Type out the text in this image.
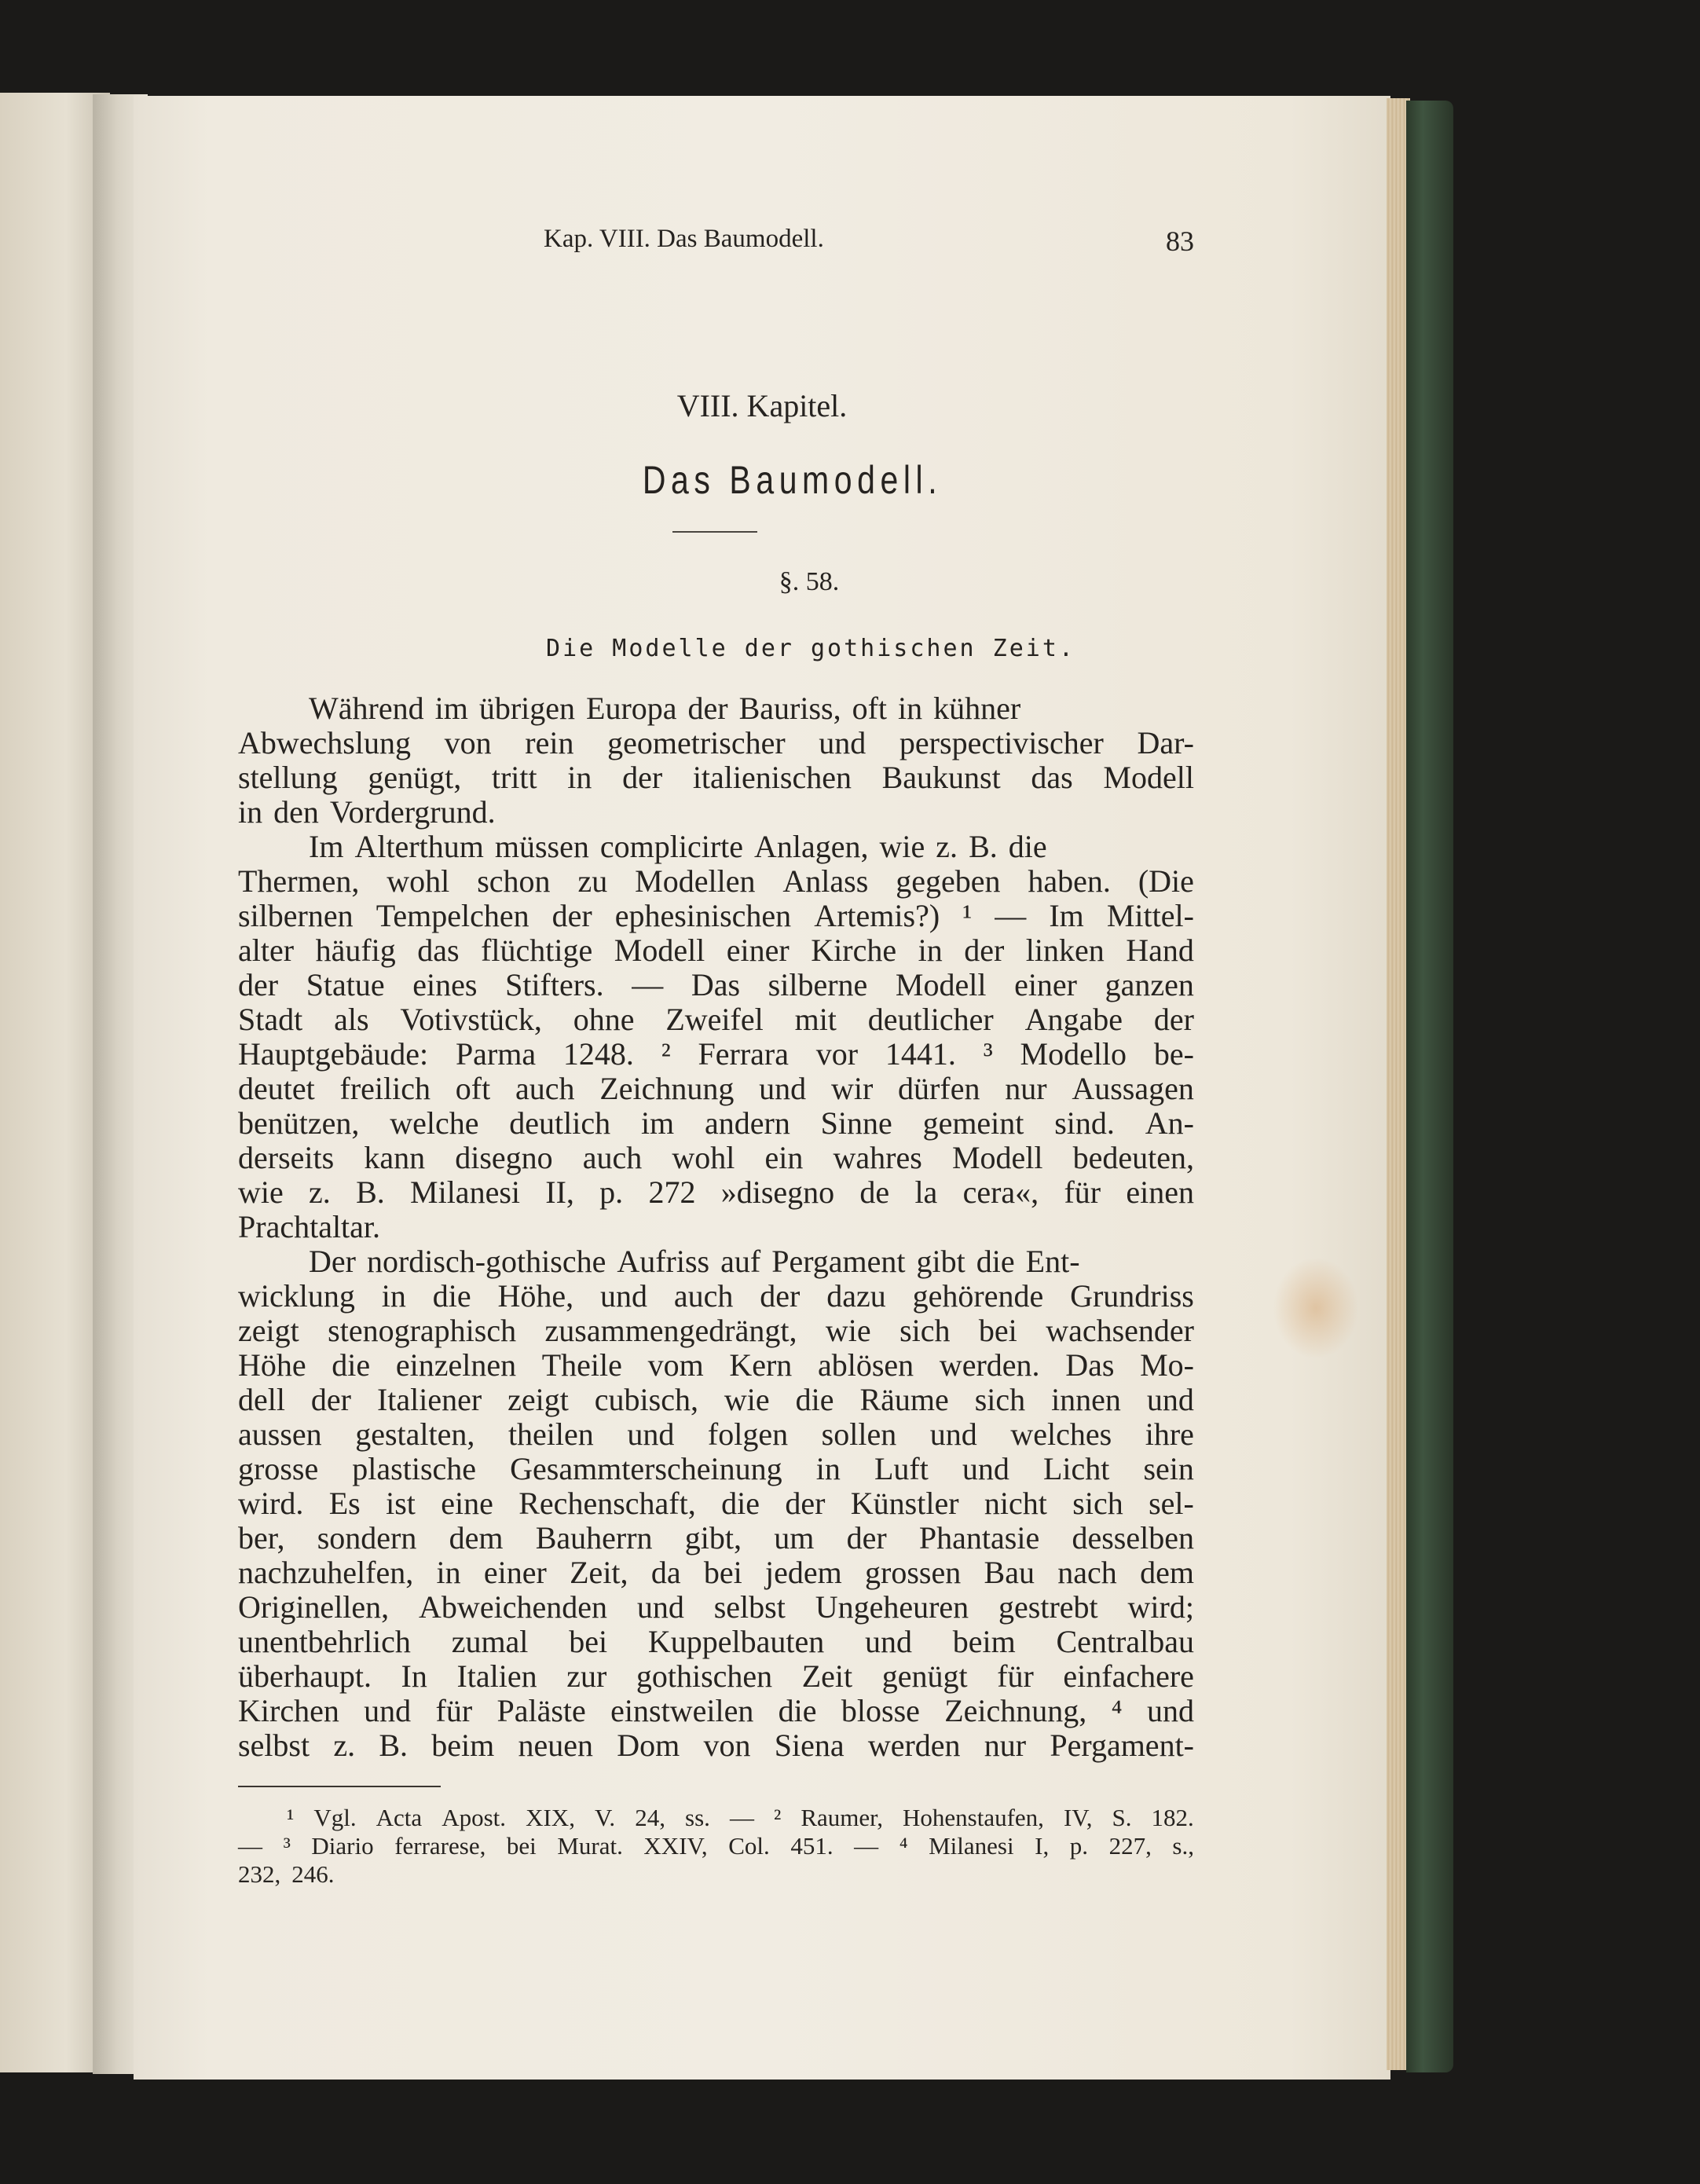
Kap. VIII. Das Baumodell.	83
VIII. Kapitel.
Das Baumodell.
§. 58.
Die Modelle der gothischen Zeit.
Während im übrigen Europa der Bauriss, oft in kühner
Abwechslung von rein geometrischer und perspectivischer Dar-
stellung genügt, tritt in der italienischen Baukunst das Modell
in den Vordergrund.
Im Alterthum müssen complicirte Anlagen, wie z. B. die
Thermen, wohl schon zu Modellen Anlass gegeben haben. (Die
silbernen Tempelchen der ephesinischen Artemis?) ¹ — Im Mittel-
alter häufig das flüchtige Modell einer Kirche in der linken Hand
der Statue eines Stifters. — Das silberne Modell einer ganzen
Stadt als Votivstück, ohne Zweifel mit deutlicher Angabe der
Hauptgebäude: Parma 1248. ² Ferrara vor 1441. ³ Modello be-
deutet freilich oft auch Zeichnung und wir dürfen nur Aussagen
benützen, welche deutlich im andern Sinne gemeint sind. An-
derseits kann disegno auch wohl ein wahres Modell bedeuten,
wie z. B. Milanesi II, p. 272 »disegno de la cera«, für einen
Prachtaltar.
Der nordisch-gothische Aufriss auf Pergament gibt die Ent-
wicklung in die Höhe, und auch der dazu gehörende Grundriss
zeigt stenographisch zusammengedrängt, wie sich bei wachsender
Höhe die einzelnen Theile vom Kern ablösen werden. Das Mo-
dell der Italiener zeigt cubisch, wie die Räume sich innen und
aussen gestalten, theilen und folgen sollen und welches ihre
grosse plastische Gesammterscheinung in Luft und Licht sein
wird. Es ist eine Rechenschaft, die der Künstler nicht sich sel-
ber, sondern dem Bauherrn gibt, um der Phantasie desselben
nachzuhelfen, in einer Zeit, da bei jedem grossen Bau nach dem
Originellen, Abweichenden und selbst Ungeheuren gestrebt wird;
unentbehrlich zumal bei Kuppelbauten und beim Centralbau
überhaupt. In Italien zur gothischen Zeit genügt für einfachere
Kirchen und für Paläste einstweilen die blosse Zeichnung, ⁴ und
selbst z. B. beim neuen Dom von Siena werden nur Pergament-
¹ Vgl. Acta Apost. XIX, V. 24, ss. — ² Raumer, Hohenstaufen, IV, S. 182.
— ³ Diario ferrarese, bei Murat. XXIV, Col. 451. — ⁴ Milanesi I, p. 227, s.,
232, 246.
